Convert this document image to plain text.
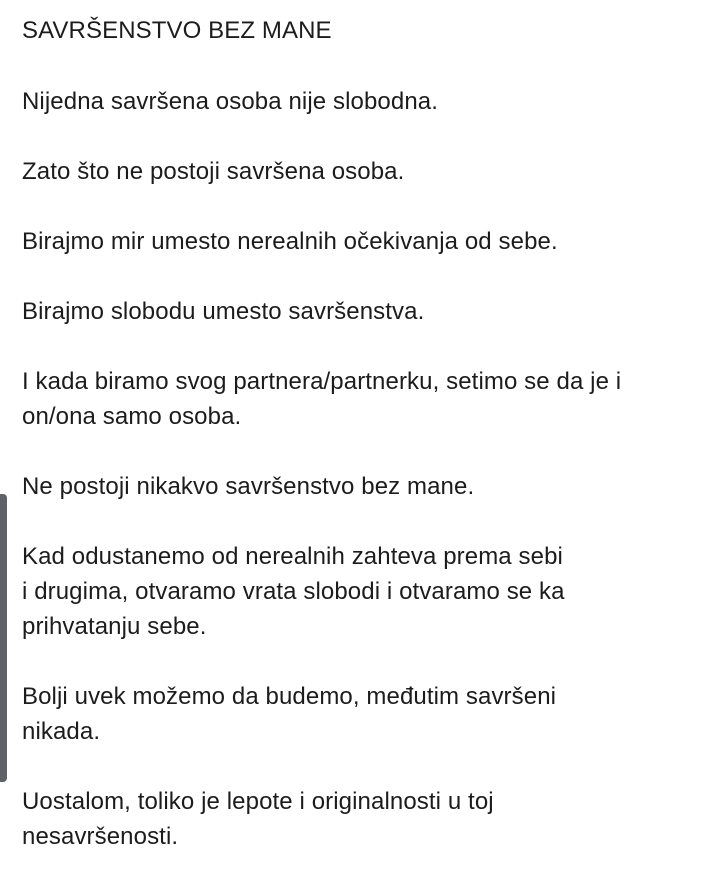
SAVRŠENSTVO BEZ MANE
Nijedna savršena osoba nije slobodna.
Zato što ne postoji savršena osoba.
Birajmo mir umesto nerealnih očekivanja od sebe.
Birajmo slobodu umesto savršenstva.
I kada biramo svog partnera/partnerku, setimo se da je i
on/ona samo osoba.
Ne postoji nikakvo savršenstvo bez mane.
Kad odustanemo od nerealnih zahteva prema sebi
i drugima, otvaramo vrata slobodi i otvaramo se ka
prihvatanju sebe.
Bolji uvek možemo da budemo, međutim savršeni
nikada.
Uostalom, toliko je lepote i originalnosti u toj
nesavršenosti.
